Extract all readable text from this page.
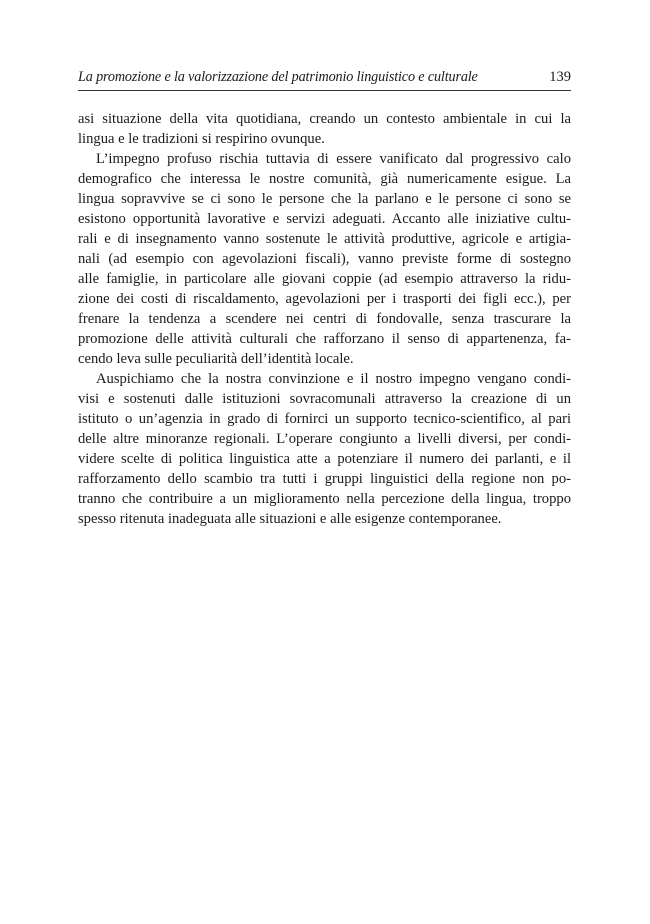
La promozione e la valorizzazione del patrimonio linguistico e culturale	139
asi situazione della vita quotidiana, creando un contesto ambientale in cui la
lingua e le tradizioni si respirino ovunque.
L’impegno profuso rischia tuttavia di essere vanificato dal progressivo calo
demografico che interessa le nostre comunità, già numericamente esigue. La
lingua sopravvive se ci sono le persone che la parlano e le persone ci sono se
esistono opportunità lavorative e servizi adeguati. Accanto alle iniziative cultu-
rali e di insegnamento vanno sostenute le attività produttive, agricole e artigia-
nali (ad esempio con agevolazioni fiscali), vanno previste forme di sostegno
alle famiglie, in particolare alle giovani coppie (ad esempio attraverso la ridu-
zione dei costi di riscaldamento, agevolazioni per i trasporti dei figli ecc.), per
frenare la tendenza a scendere nei centri di fondovalle, senza trascurare la
promozione delle attività culturali che rafforzano il senso di appartenenza, fa-
cendo leva sulle peculiarità dell’identità locale.
Auspichiamo che la nostra convinzione e il nostro impegno vengano condi-
visi e sostenuti dalle istituzioni sovracomunali attraverso la creazione di un
istituto o un’agenzia in grado di fornirci un supporto tecnico-scientifico, al pari
delle altre minoranze regionali. L’operare congiunto a livelli diversi, per condi-
videre scelte di politica linguistica atte a potenziare il numero dei parlanti, e il
rafforzamento dello scambio tra tutti i gruppi linguistici della regione non po-
tranno che contribuire a un miglioramento nella percezione della lingua, troppo
spesso ritenuta inadeguata alle situazioni e alle esigenze contemporanee.
